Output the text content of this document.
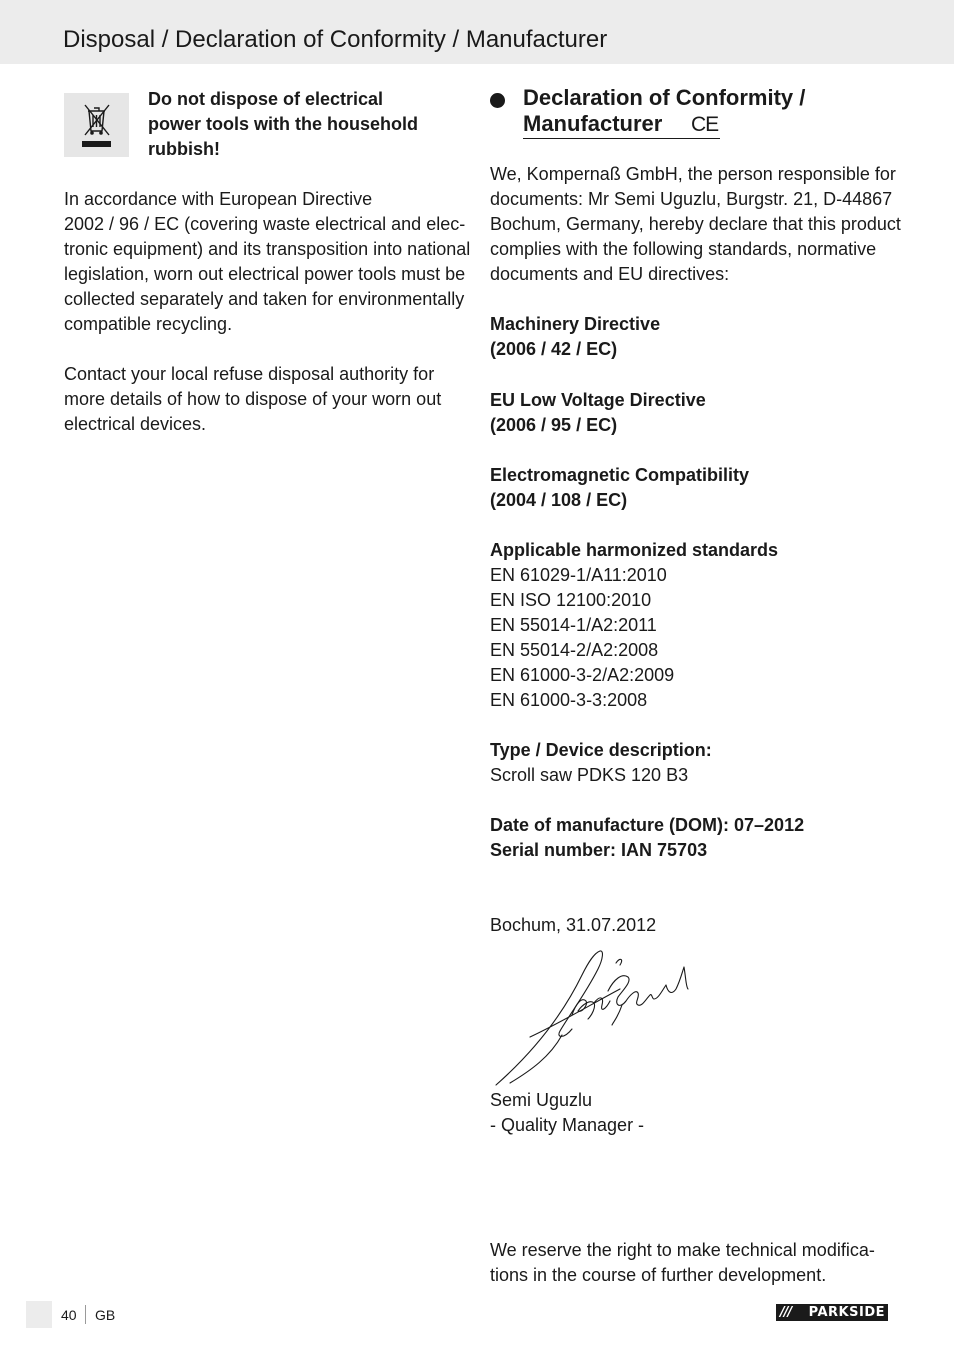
Disposal / Declaration of Conformity / Manufacturer

Do not dispose of electrical
power tools with the household
rubbish!

In accordance with European Directive
2002 / 96 / EC (covering waste electrical and elec-
tronic equipment) and its transposition into national
legislation, worn out electrical power tools must be
collected separately and taken for environmentally
compatible recycling.

Contact your local refuse disposal authority for
more details of how to dispose of your worn out
electrical devices.

Declaration of Conformity /
Manufacturer	CE

We, Kompernaß GmbH, the person responsible for
documents: Mr Semi Uguzlu, Burgstr. 21, D-44867
Bochum, Germany, hereby declare that this product
complies with the following standards, normative
documents and EU directives:

Machinery Directive
(2006 / 42 / EC)

EU Low Voltage Directive
(2006 / 95 / EC)

Electromagnetic Compatibility
(2004 / 108 / EC)

Applicable harmonized standards
EN 61029-1/A11:2010
EN ISO 12100:2010
EN 55014-1/A2:2011
EN 55014-2/A2:2008
EN 61000-3-2/A2:2009
EN 61000-3-3:2008

Type / Device description:
Scroll saw PDKS 120 B3

Date of manufacture (DOM): 07–2012
Serial number: IAN 75703

Bochum, 31.07.2012

Semi Uguzlu
- Quality Manager -

We reserve the right to make technical modifica-
tions in the course of further development.

40 GB	/// PARKSIDE
